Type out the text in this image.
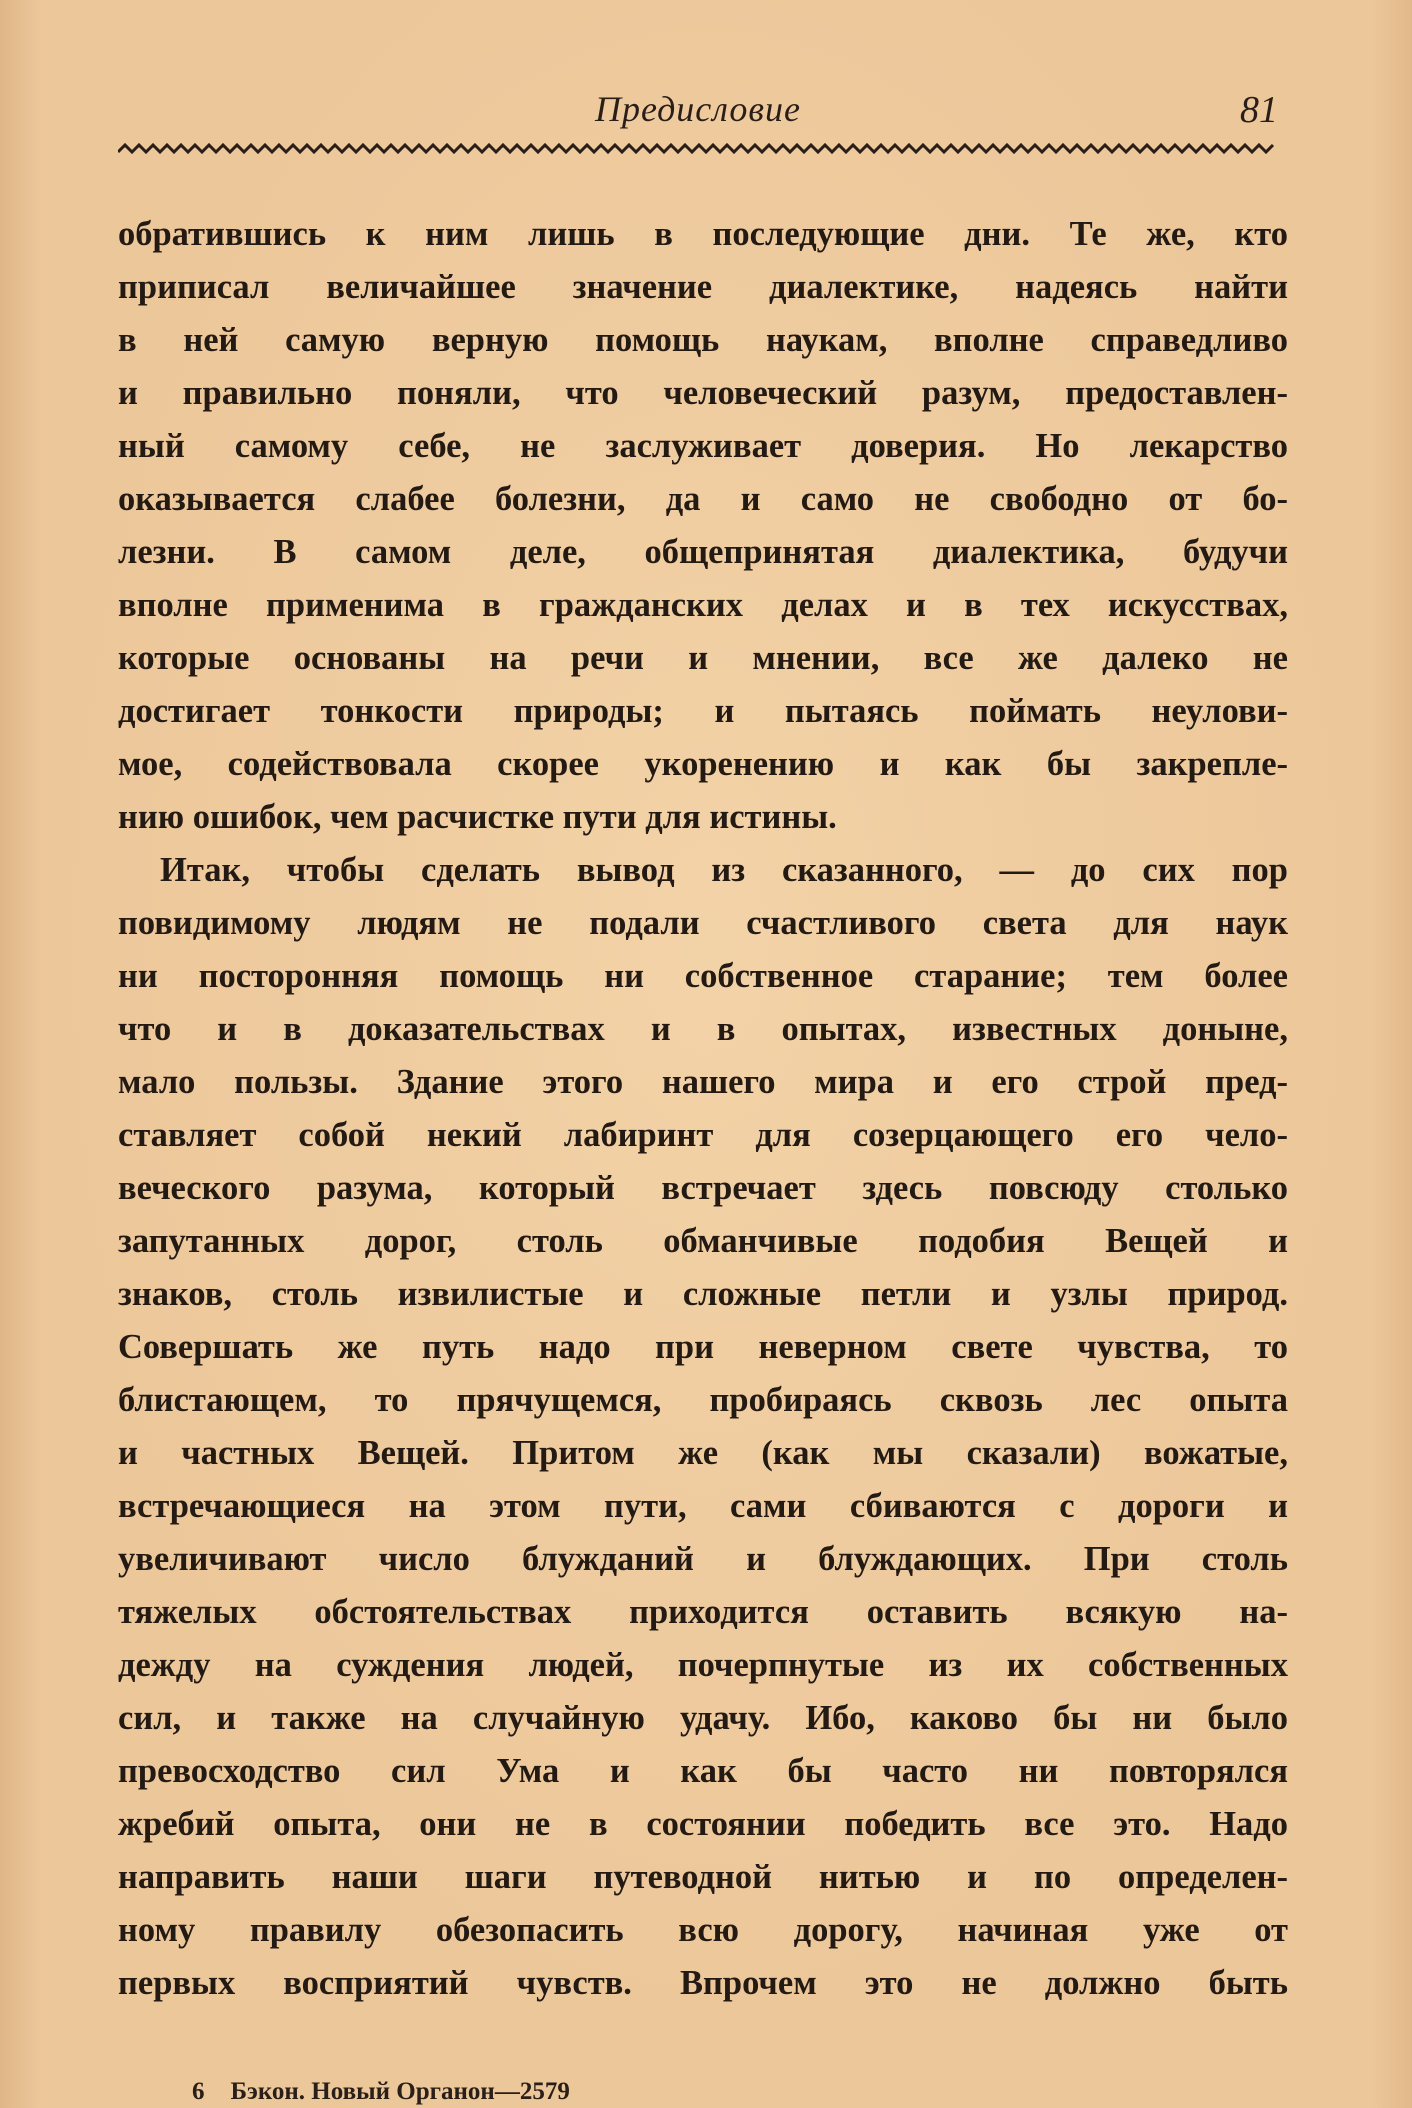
Предисловие	81
обратившись к ним лишь в последующие дни. Те же, кто
приписал величайшее значение диалектике, надеясь найти
в ней самую верную помощь наукам, вполне справедливо
и правильно поняли, что человеческий разум, предоставлен-
ный самому себе, не заслуживает доверия. Но лекарство
оказывается слабее болезни, да и само не свободно от бо-
лезни. В самом деле, общепринятая диалектика, будучи
вполне применима в гражданских делах и в тех искусствах,
которые основаны на речи и мнении, все же далеко не
достигает тонкости природы; и пытаясь поймать неулови-
мое, содействовала скорее укоренению и как бы закрепле-
нию ошибок, чем расчистке пути для истины.
Итак, чтобы сделать вывод из сказанного, — до сих пор
повидимому людям не подали счастливого света для наук
ни посторонняя помощь ни собственное старание; тем более
что и в доказательствах и в опытах, известных доныне,
мало пользы. Здание этого нашего мира и его строй пред-
ставляет собой некий лабиринт для созерцающего его чело-
веческого разума, который встречает здесь повсюду столько
запутанных дорог, столь обманчивые подобия Вещей и
знаков, столь извилистые и сложные петли и узлы природ.
Совершать же путь надо при неверном свете чувства, то
блистающем, то прячущемся, пробираясь сквозь лес опыта
и частных Вещей. Притом же (как мы сказали) вожатые,
встречающиеся на этом пути, сами сбиваются с дороги и
увеличивают число блужданий и блуждающих. При столь
тяжелых обстоятельствах приходится оставить всякую на-
дежду на суждения людей, почерпнутые из их собственных
сил, и также на случайную удачу. Ибо, каково бы ни было
превосходство сил Ума и как бы часто ни повторялся
жребий опыта, они не в состоянии победить все это. Надо
направить наши шаги путеводной нитью и по определен-
ному правилу обезопасить всю дорогу, начиная уже от
первых восприятий чувств. Впрочем это не должно быть
6 Бэкон. Новый Органон—2579
